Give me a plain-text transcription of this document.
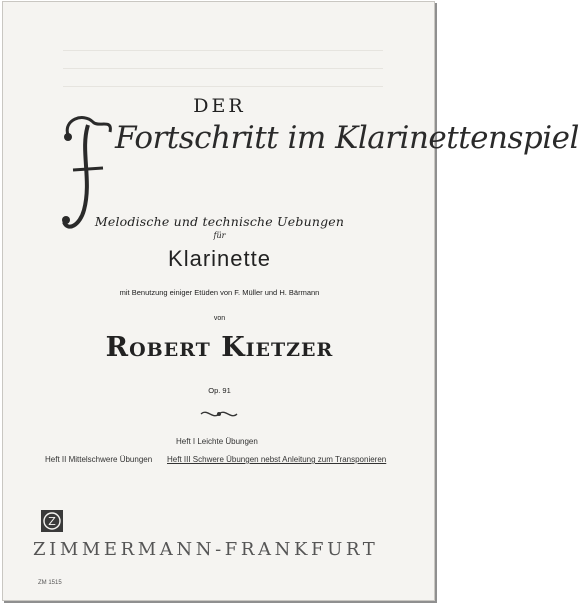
DER
Fortschritt im Klarinettenspiel
Melodische und technische Uebungen
für
Klarinette
mit Benutzung einiger Etüden von F. Müller und H. Bärmann
von
Robert Kietzer
Op. 91
Heft I Leichte Übungen
Heft II Mittelschwere Übungen Heft III Schwere Übungen nebst Anleitung zum Transponieren
Z
ZIMMERMANN-FRANKFURT
ZM 1515
